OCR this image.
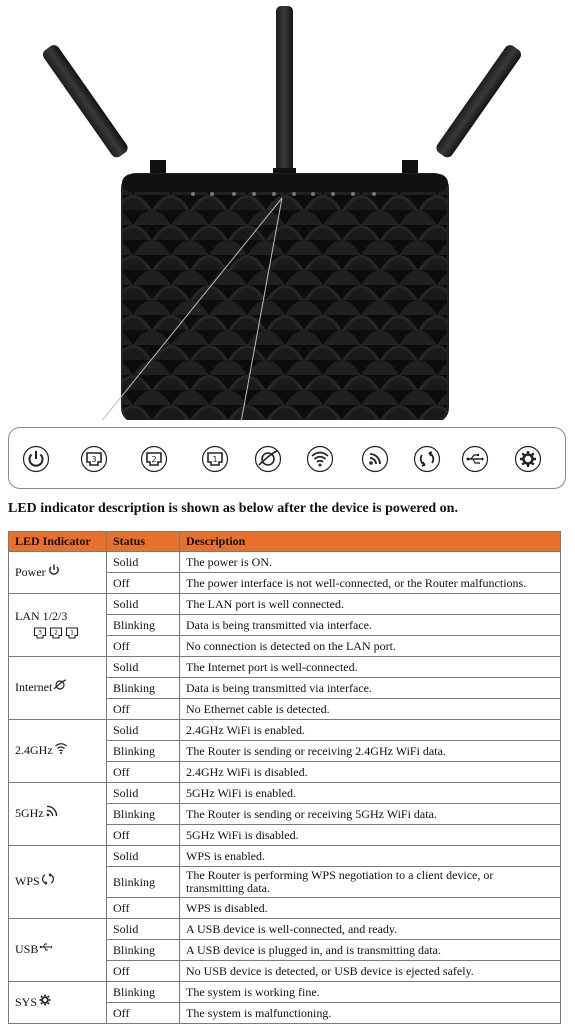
3	2	1
LED indicator description is shown as below after the device is powered on.
LED Indicator	Status	Description

Power	Solid	The power is ON.
	Off	The power interface is not well-connected, or the Router malfunctions.

LAN 1/2/3
3 2 1	Solid	The LAN port is well connected.
	Blinking	Data is being transmitted via interface.
	Off	No connection is detected on the LAN port.

Internet	Solid	The Internet port is well-connected.
	Blinking	Data is being transmitted via interface.
	Off	No Ethernet cable is detected.

2.4GHz	Solid	2.4GHz WiFi is enabled.
	Blinking	The Router is sending or receiving 2.4GHz WiFi data.
	Off	2.4GHz WiFi is disabled.

5GHz	Solid	5GHz WiFi is enabled.
	Blinking	The Router is sending or receiving 5GHz WiFi data.
	Off	5GHz WiFi is disabled.

WPS	Solid	WPS is enabled.
	Blinking	The Router is performing WPS negotiation to a client device, or transmitting data.
	Off	WPS is disabled.

USB	Solid	A USB device is well-connected, and ready.
	Blinking	A USB device is plugged in, and is transmitting data.
	Off	No USB device is detected, or USB device is ejected safely.

SYS	Blinking	The system is working fine.
	Off	The system is malfunctioning.
